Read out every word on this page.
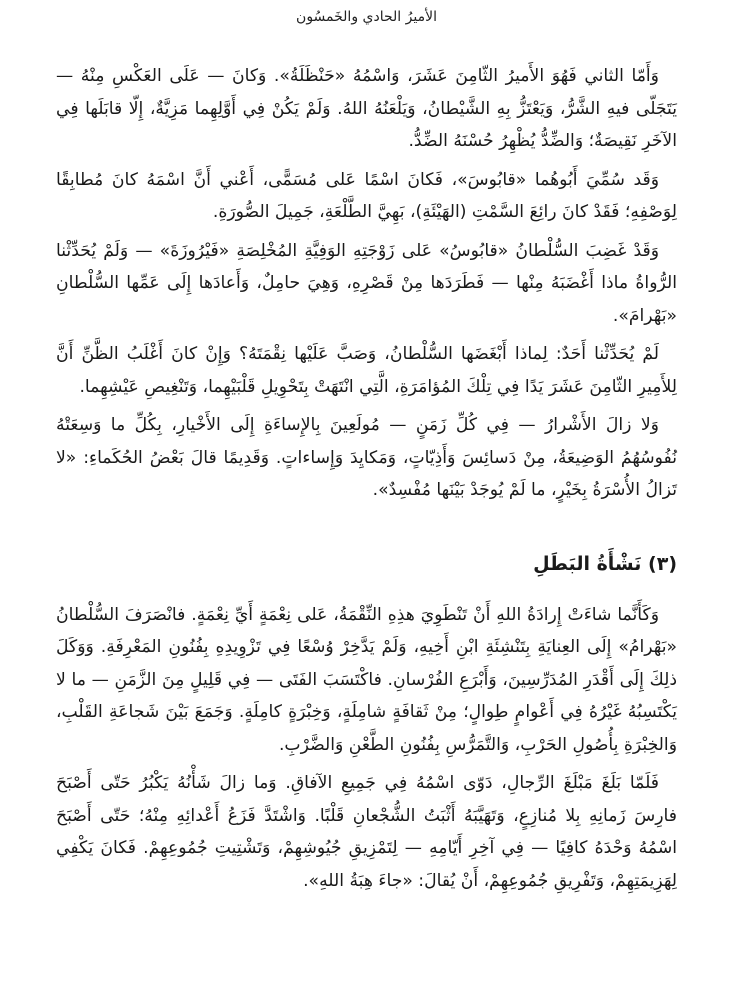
الأميرُ الحادي والخَمسُون

وَأَمّا الثاني فَهُوَ الأَميرُ الثّامِنَ عَشَرَ، وَاسْمُهُ «حَنْظَلَةُ». وَكانَ — عَلَى العَكْسِ مِنْهُ — يَتَجَلّى فيهِ الشَّرُّ، وَيَعْتَزُّ بِهِ الشَّيْطانُ، وَيَلْعَنُهُ اللهُ. وَلَمْ يَكُنْ فِي أَوَّلِهِما مَزِيَّةٌ، إِلّا قابَلَها فِي الآخَرِ نَقِيصَةٌ؛ وَالضِّدُّ يُظْهِرُ حُسْنَهُ الضِّدُّ.

وَقَد سُمِّيَ أَبُوهُما «قابُوسَ»، فَكانَ اسْمًا عَلى مُسَمًّى، أَعْني أَنَّ اسْمَهُ كانَ مُطابِقًا لِوَصْفِهِ؛ فَقَدْ كانَ رائِعَ السَّمْتِ (الهَيْئَةِ)، بَهِيَّ الطَّلْعَةِ، جَمِيلَ الصُّورَةِ.

وَقَدْ غَضِبَ السُّلْطانُ «قابُوسُ» عَلى زَوْجَتِهِ الوَفِيَّةِ المُخْلِصَةِ «فَيْرُوزَةَ» — وَلَمْ يُحَدِّثْنا الرُّواةُ ماذا أَغْضَبَهُ مِنْها — فَطَرَدَها مِنْ قَصْرِهِ، وَهِيَ حامِلٌ، وَأَعادَها إِلَى عَمِّها السُّلْطانِ «بَهْرامَ».

لَمْ يُحَدِّثْنا أَحَدٌ: لِماذا أَبْغَضَها السُّلْطانُ، وَصَبَّ عَلَيْها نِقْمَتَهُ؟ وَإِنْ كانَ أَغْلَبُ الظَّنِّ أَنَّ لِلأَمِيرِ الثّامِنَ عَشَرَ يَدًا فِي تِلْكَ المُؤامَرَةِ، الَّتِي انْتَهَتْ بِتَحْوِيلِ قَلْبَيْهِما، وَتَنْغِيصِ عَيْشِهِما.

وَلا زالَ الأَشْرارُ — فِي كُلِّ زَمَنٍ — مُولَعِينَ بِالإِساءَةِ إِلَى الأَخْيارِ، بِكُلِّ ما وَسِعَتْهُ نُفُوسُهُمُ الوَضِيعَةُ، مِنْ دَسائِسَ وَأَذِيّاتٍ، وَمَكايِدَ وَإِساءاتٍ. وَقَدِيمًا قالَ بَعْضُ الحُكَماءِ: «لا تَزالُ الأُسْرَةُ بِخَيْرٍ، ما لَمْ يُوجَدْ بَيْنَها مُفْسِدٌ».

(٣) نَشْأَةُ البَطَلِ

وَكَأَنَّما شاءَتْ إِرادَةُ اللهِ أَنْ تَنْطَوِيَ هذِهِ النِّقْمَةُ، عَلى نِعْمَةٍ أَيِّ نِعْمَةٍ. فانْصَرَفَ السُّلْطانُ «بَهْرامُ» إِلَى العِنايَةِ بِتَنْشِئَةِ ابْنِ أَخِيهِ، وَلَمْ يَدَّخِرْ وُسْعًا فِي تَزْوِيدِهِ بِفُنُونِ المَعْرِفَةِ. وَوَكَلَ ذلِكَ إِلَى أَقْدَرِ المُدَرِّسِينَ، وَأَبْرَعِ الفُرْسانِ. فاكْتَسَبَ الفَتَى — فِي قَلِيلٍ مِنَ الزَّمَنِ — ما لا يَكْتَسِبُهُ غَيْرُهُ فِي أَعْوامٍ طِوالٍ؛ مِنْ ثَقافَةٍ شامِلَةٍ، وَخِبْرَةٍ كامِلَةٍ. وَجَمَعَ بَيْنَ شَجاعَةِ القَلْبِ، وَالخِبْرَةِ بِأُصُولِ الحَرْبِ، وَالتَّمَرُّسِ بِفُنُونِ الطَّعْنِ وَالضَّرْبِ.

فَلَمّا بَلَغَ مَبْلَغَ الرِّجالِ، دَوّى اسْمُهُ فِي جَمِيعِ الآفاقِ. وَما زالَ شَأْنُهُ يَكْبُرُ حَتّى أَصْبَحَ فارِسَ زَمانِهِ بِلا مُنازِعٍ، وَتَهَيَّبَهُ أَثْبَتُ الشُّجْعانِ قَلْبًا. وَاشْتَدَّ فَزَعُ أَعْدائِهِ مِنْهُ؛ حَتّى أَصْبَحَ اسْمُهُ وَحْدَهُ كافِيًا — فِي آخِرِ أَيّامِهِ — لِتَمْزِيقِ جُيُوشِهِمْ، وَتَشْتِيتِ جُمُوعِهِمْ. فَكانَ يَكْفِي لِهَزِيمَتِهِمْ، وَتَفْرِيقِ جُمُوعِهِمْ، أَنْ يُقالَ: «جاءَ هِبَةُ اللهِ».
